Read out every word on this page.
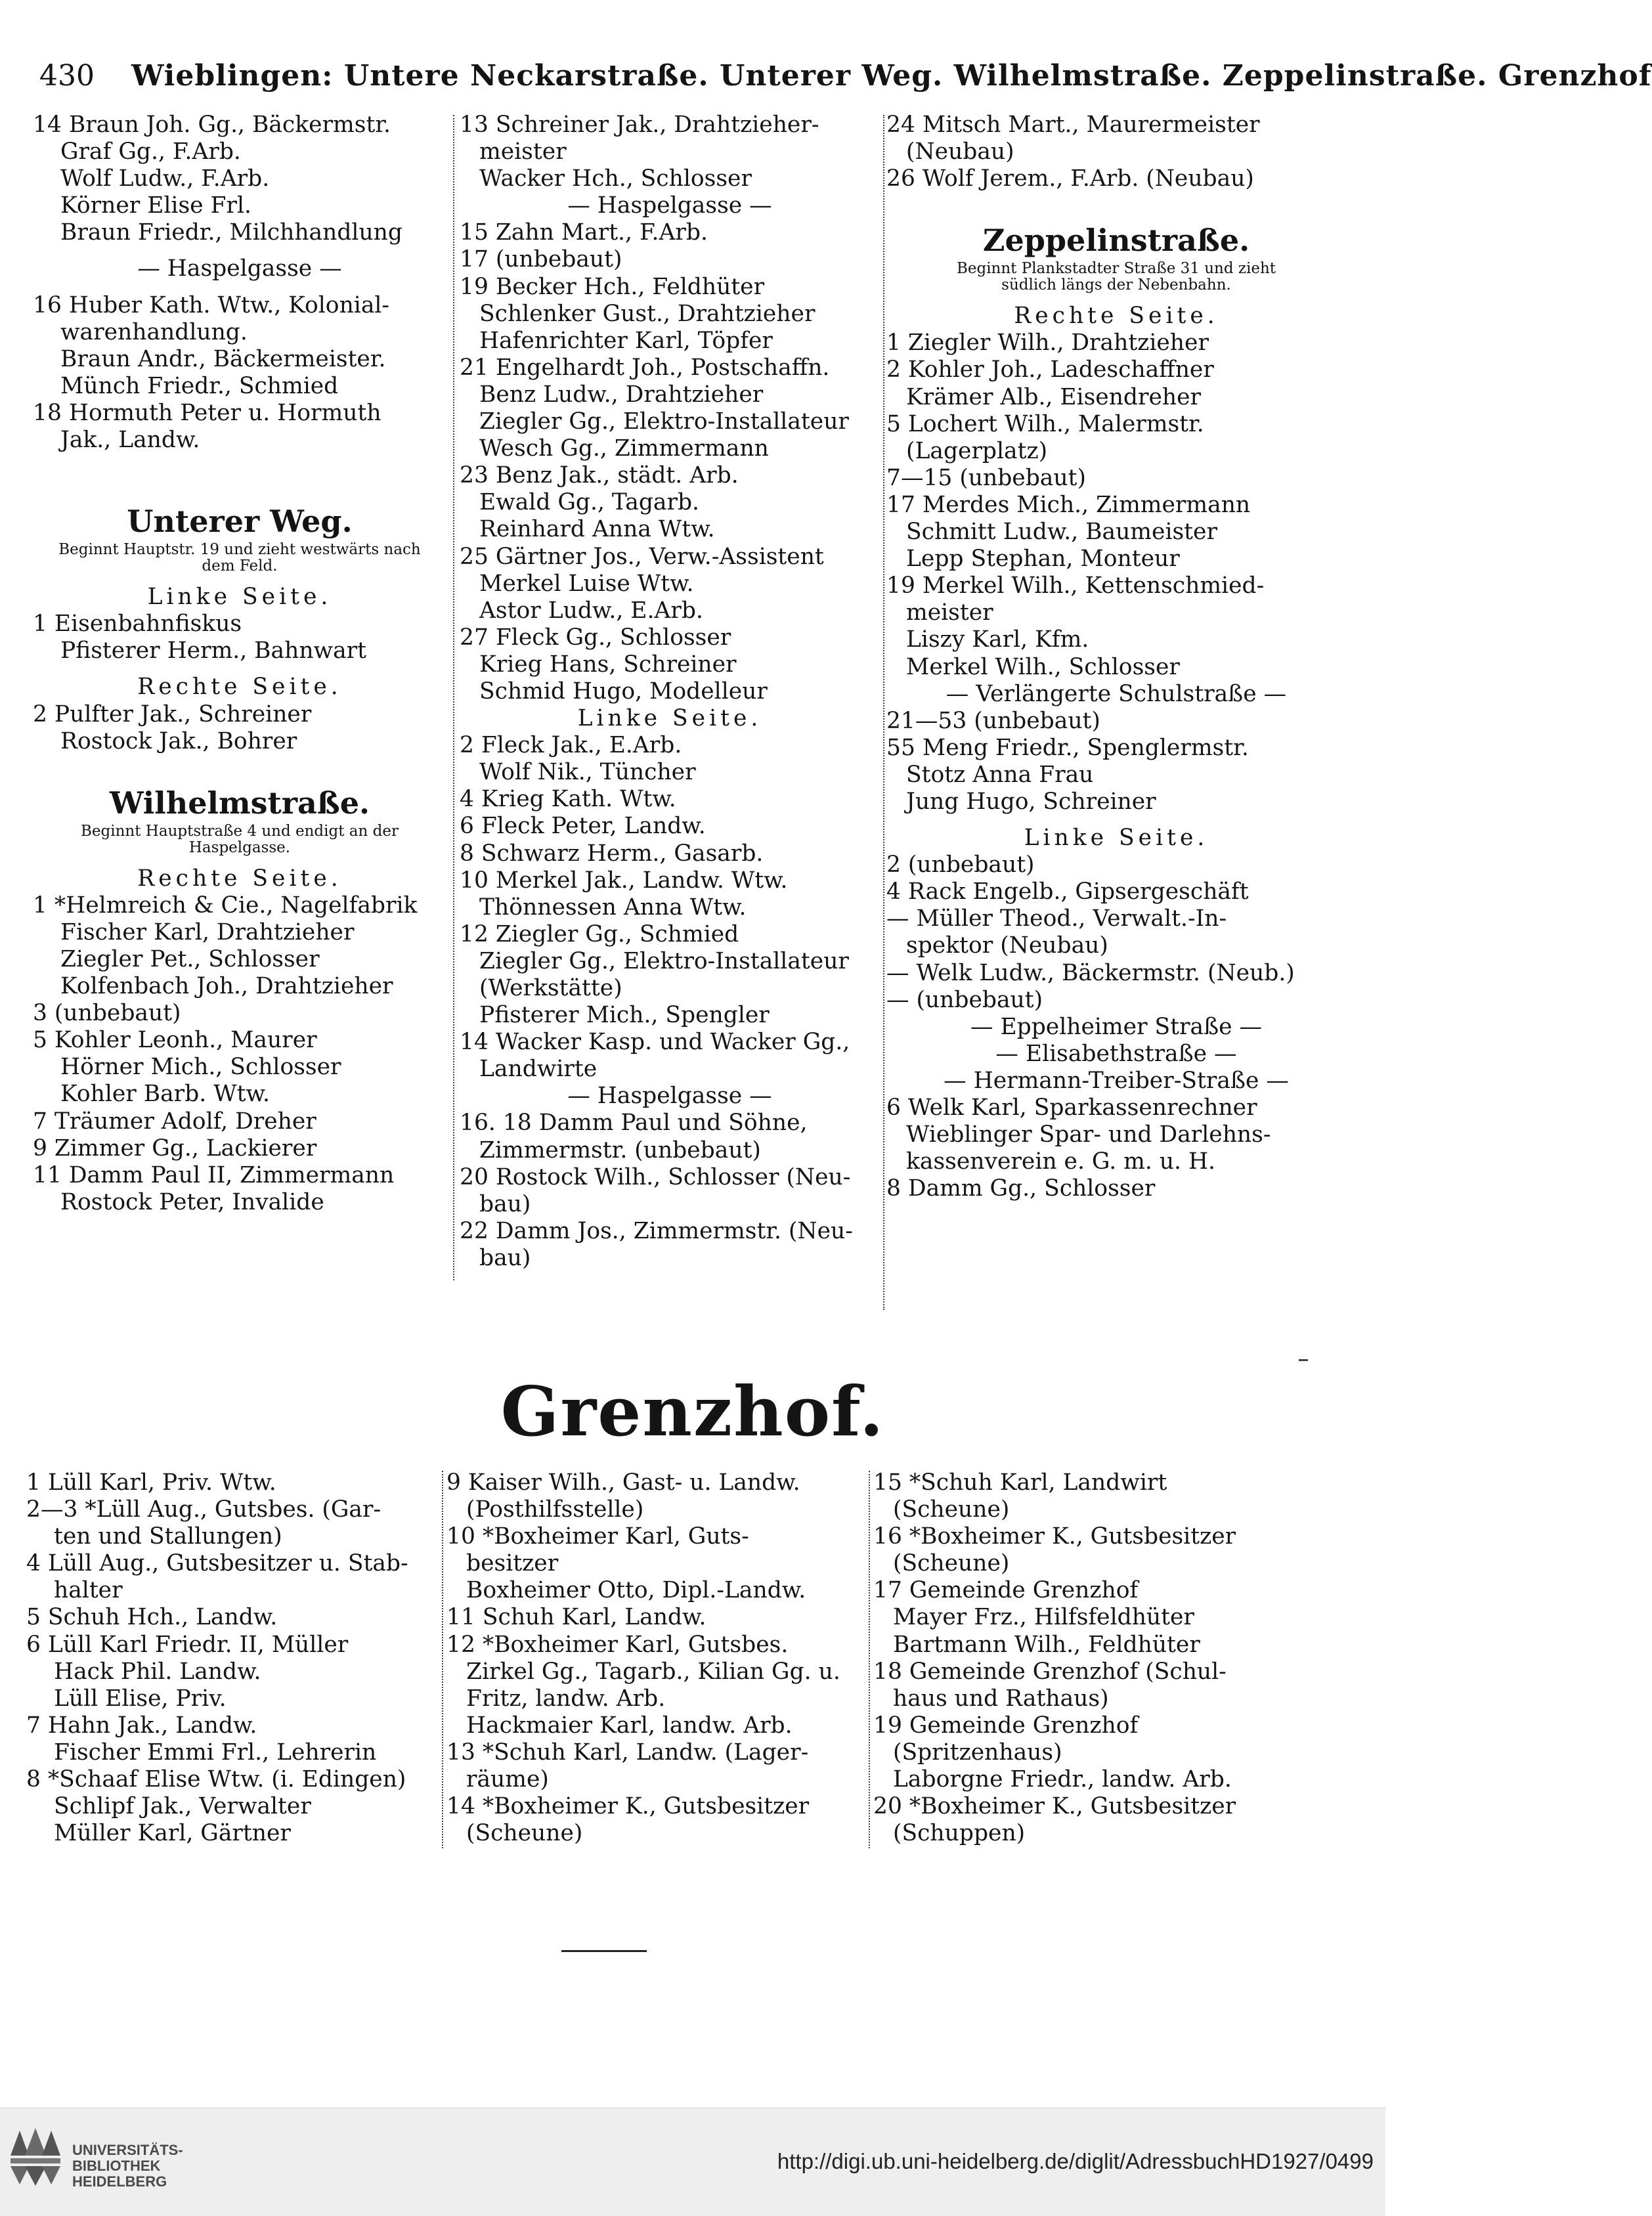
430 Wieblingen: Untere Neckarstraße. Unterer Weg. Wilhelmstraße. Zeppelinstraße. Grenzhof
14 Braun Joh. Gg., Bäckermstr.
Graf Gg., F.Arb.
Wolf Ludw., F.Arb.
Körner Elise Frl.
Braun Friedr., Milchhandlung
— Haspelgasse —
16 Huber Kath. Wtw., Kolonial-
warenhandlung.
Braun Andr., Bäckermeister.
Münch Friedr., Schmied
18 Hormuth Peter u. Hormuth
Jak., Landw.
Unterer Weg.
Beginnt Hauptstr. 19 und zieht westwärts nach
dem Feld.
Linke Seite.
1 Eisenbahnfiskus
Pfisterer Herm., Bahnwart
Rechte Seite.
2 Pulfter Jak., Schreiner
Rostock Jak., Bohrer
Wilhelmstraße.
Beginnt Hauptstraße 4 und endigt an der
Haspelgasse.
Rechte Seite.
1 *Helmreich & Cie., Nagelfabrik
Fischer Karl, Drahtzieher
Ziegler Pet., Schlosser
Kolfenbach Joh., Drahtzieher
3 (unbebaut)
5 Kohler Leonh., Maurer
Hörner Mich., Schlosser
Kohler Barb. Wtw.
7 Träumer Adolf, Dreher
9 Zimmer Gg., Lackierer
11 Damm Paul II, Zimmermann
Rostock Peter, Invalide
13 Schreiner Jak., Drahtzieher-
meister
Wacker Hch., Schlosser
— Haspelgasse —
15 Zahn Mart., F.Arb.
17 (unbebaut)
19 Becker Hch., Feldhüter
Schlenker Gust., Drahtzieher
Hafenrichter Karl, Töpfer
21 Engelhardt Joh., Postschaffn.
Benz Ludw., Drahtzieher
Ziegler Gg., Elektro-Installateur
Wesch Gg., Zimmermann
23 Benz Jak., städt. Arb.
Ewald Gg., Tagarb.
Reinhard Anna Wtw.
25 Gärtner Jos., Verw.-Assistent
Merkel Luise Wtw.
Astor Ludw., E.Arb.
27 Fleck Gg., Schlosser
Krieg Hans, Schreiner
Schmid Hugo, Modelleur
Linke Seite.
2 Fleck Jak., E.Arb.
Wolf Nik., Tüncher
4 Krieg Kath. Wtw.
6 Fleck Peter, Landw.
8 Schwarz Herm., Gasarb.
10 Merkel Jak., Landw. Wtw.
Thönnessen Anna Wtw.
12 Ziegler Gg., Schmied
Ziegler Gg., Elektro-Installateur
(Werkstätte)
Pfisterer Mich., Spengler
14 Wacker Kasp. und Wacker Gg.,
Landwirte
— Haspelgasse —
16. 18 Damm Paul und Söhne,
Zimmermstr. (unbebaut)
20 Rostock Wilh., Schlosser (Neu-
bau)
22 Damm Jos., Zimmermstr. (Neu-
bau)
24 Mitsch Mart., Maurermeister
(Neubau)
26 Wolf Jerem., F.Arb. (Neubau)
Zeppelinstraße.
Beginnt Plankstadter Straße 31 und zieht
südlich längs der Nebenbahn.
Rechte Seite.
1 Ziegler Wilh., Drahtzieher
2 Kohler Joh., Ladeschaffner
Krämer Alb., Eisendreher
5 Lochert Wilh., Malermstr.
(Lagerplatz)
7—15 (unbebaut)
17 Merdes Mich., Zimmermann
Schmitt Ludw., Baumeister
Lepp Stephan, Monteur
19 Merkel Wilh., Kettenschmied-
meister
Liszy Karl, Kfm.
Merkel Wilh., Schlosser
— Verlängerte Schulstraße —
21—53 (unbebaut)
55 Meng Friedr., Spenglermstr.
Stotz Anna Frau
Jung Hugo, Schreiner
Linke Seite.
2 (unbebaut)
4 Rack Engelb., Gipsergeschäft
— Müller Theod., Verwalt.-In-
spektor (Neubau)
— Welk Ludw., Bäckermstr. (Neub.)
— (unbebaut)
— Eppelheimer Straße —
— Elisabethstraße —
— Hermann-Treiber-Straße —
6 Welk Karl, Sparkassenrechner
Wieblinger Spar- und Darlehns-
kassenverein e. G. m. u. H.
8 Damm Gg., Schlosser
Grenzhof.
1 Lüll Karl, Priv. Wtw.
2—3 *Lüll Aug., Gutsbes. (Gar-
ten und Stallungen)
4 Lüll Aug., Gutsbesitzer u. Stab-
halter
5 Schuh Hch., Landw.
6 Lüll Karl Friedr. II, Müller
Hack Phil. Landw.
Lüll Elise, Priv.
7 Hahn Jak., Landw.
Fischer Emmi Frl., Lehrerin
8 *Schaaf Elise Wtw. (i. Edingen)
Schlipf Jak., Verwalter
Müller Karl, Gärtner
9 Kaiser Wilh., Gast- u. Landw.
(Posthilfsstelle)
10 *Boxheimer Karl, Guts-
besitzer
Boxheimer Otto, Dipl.-Landw.
11 Schuh Karl, Landw.
12 *Boxheimer Karl, Gutsbes.
Zirkel Gg., Tagarb., Kilian Gg. u.
Fritz, landw. Arb.
Hackmaier Karl, landw. Arb.
13 *Schuh Karl, Landw. (Lager-
räume)
14 *Boxheimer K., Gutsbesitzer
(Scheune)
15 *Schuh Karl, Landwirt
(Scheune)
16 *Boxheimer K., Gutsbesitzer
(Scheune)
17 Gemeinde Grenzhof
Mayer Frz., Hilfsfeldhüter
Bartmann Wilh., Feldhüter
18 Gemeinde Grenzhof (Schul-
haus und Rathaus)
19 Gemeinde Grenzhof
(Spritzenhaus)
Laborgne Friedr., landw. Arb.
20 *Boxheimer K., Gutsbesitzer
(Schuppen)
UNIVERSITÄTS-
BIBLIOTHEK
HEIDELBERG
http://digi.ub.uni-heidelberg.de/diglit/AdressbuchHD1927/0499
